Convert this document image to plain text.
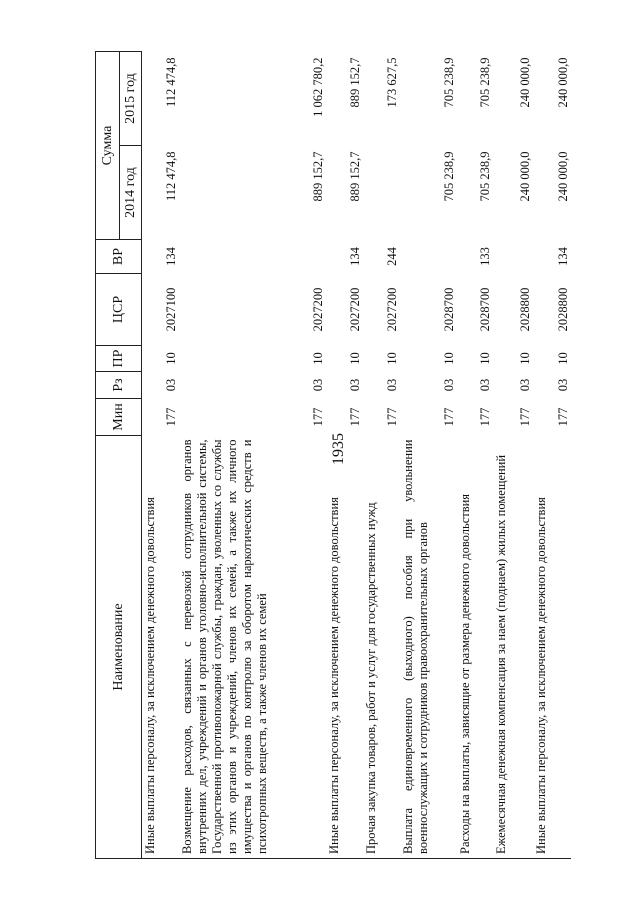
1935
Наименование	Мин	Рз	ПР	ЦСР	ВР	Сумма	
						2014 год	2015 год
Иные выплаты персоналу, за исключением денежного довольствия	177	03	10	2027100	134	112 474,8	112 474,8
Возмещение расходов, связанных с перевозкой сотрудников органов внутренних дел, учреждений и органов уголовно-исполнительной системы, Государственной противопожарной службы, граждан, уволенных со службы из этих органов и учреждений, членов их семей, а также их личного имущества и органов по контролю за оборотом наркотических средств и психотропных веществ, а также членов их семей	177	03	10	2027200		889 152,7	1 062 780,2
Иные выплаты персоналу, за исключением денежного довольствия	177	03	10	2027200	134	889 152,7	889 152,7
Прочая закупка товаров, работ и услуг для государственных нужд	177	03	10	2027200	244		173 627,5
Выплата единовременного (выходного) пособия при увольнении военнослужащих и сотрудников правоохранительных органов	177	03	10	2028700		705 238,9	705 238,9
Расходы на выплаты, зависящие от размера денежного довольствия	177	03	10	2028700	133	705 238,9	705 238,9
Ежемесячная денежная компенсация за наем (поднаем) жилых помещений	177	03	10	2028800		240 000,0	240 000,0
Иные выплаты персоналу, за исключением денежного довольствия	177	03	10	2028800	134	240 000,0	240 000,0
